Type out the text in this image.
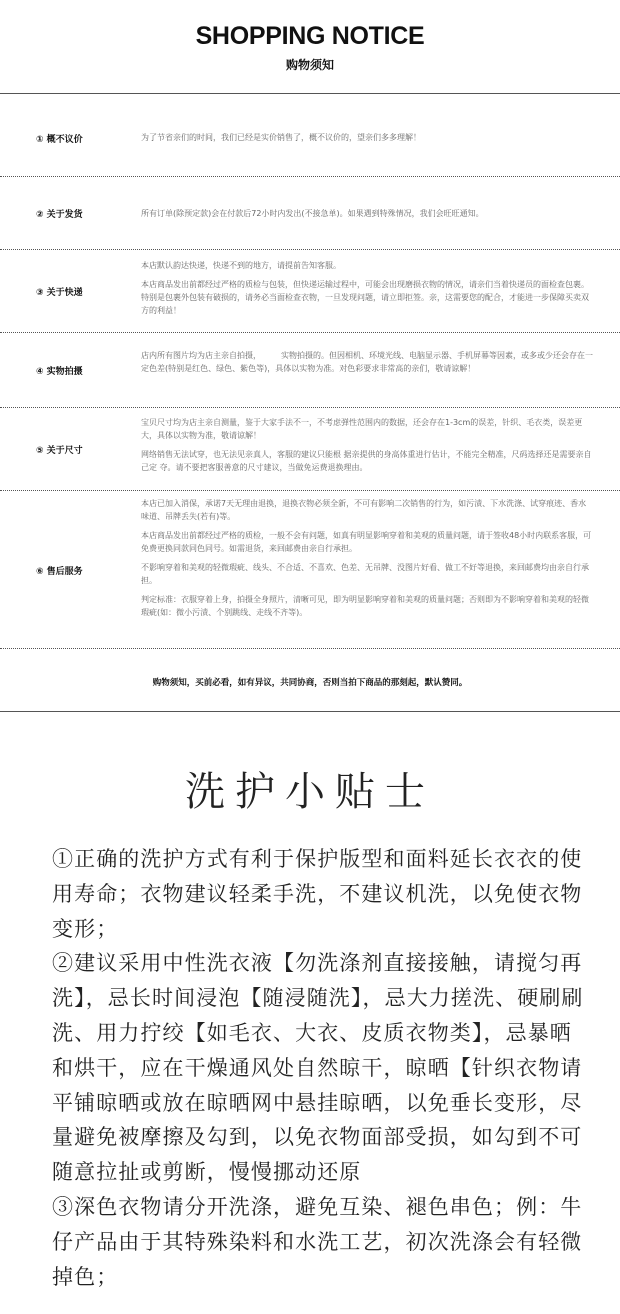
SHOPPING NOTICE
购物须知
① 概不议价	为了节省亲们的时间，我们已经是实价销售了，概不议价的，望亲们多多理解！

② 关于发货	所有订单(除预定款)会在付款后72小时内发出(不接急单)。如果遇到特殊情况，我们会旺旺通知。

③ 关于快递

本店默认韵达快递，快递不到的地方，请提前告知客服。

本店商品发出前都经过严格的质检与包装，但快递运输过程中，可能会出现磨损衣物的情况，请亲们当着快递员的面检查包裹。特别是包裹外包装有破损的，请务必当面检查衣物，一旦发现问题，请立即拒签。亲，这需要您的配合，才能进一步保障买卖双方的利益！

④ 实物拍摄

店内所有图片均为店主亲自拍摄，　　　实物拍摄的。但因相机、环境光线、电脑显示器、手机屏幕等因素，或多或少还会存在一定色差(特别是红色、绿色、紫色等)，具体以实物为准。对色彩要求非常高的亲们，敬请谅解！

⑤ 关于尺寸

宝贝尺寸均为店主亲自测量，鉴于大家手法不一，不考虑弹性范围内的数据，还会存在1-3cm的误差，针织、毛衣类，误差更大，具体以实物为准，敬请谅解！

网络销售无法试穿，也无法见亲真人，客服的建议只能根 据亲提供的身高体重进行估计，不能完全精准，尺码选择还是需要亲自己定 夺。请不要把客服善意的尺寸建议，当做免运费退换理由。

⑥ 售后服务

本店已加入消保，承诺7天无理由退换，退换衣物必须全新，不可有影响二次销售的行为，如污渍、下水洗涤、试穿痕迹、香水味道、吊牌丢失(若有)等。

本店商品发出前都经过严格的质检，一般不会有问题，如真有明显影响穿着和美观的质量问题，请于签收48小时内联系客服，可免费更换同款同色同号。如需退货，来回邮费由亲自行承担。

不影响穿着和美观的轻微瑕疵、线头、不合适、不喜欢、色差、无吊牌、没图片好看、做工不好等退换，来回邮费均由亲自行承担。

判定标准：衣服穿着上身，拍摄全身照片，清晰可见，即为明显影响穿着和美观的质量问题；否则即为不影响穿着和美观的轻微瑕疵(如：微小污渍、个别跳线、走线不齐等)。

购物须知，买前必看，如有异议，共同协商，否则当拍下商品的那刻起，默认赞同。
洗护小贴士

①正确的洗护方式有利于保护版型和面料延长衣衣的使用寿命；衣物建议轻柔手洗，不建议机洗，以免使衣物变形；

②建议采用中性洗衣液【勿洗涤剂直接接触，请搅匀再洗】，忌长时间浸泡【随浸随洗】，忌大力搓洗、硬刷刷洗、用力拧绞【如毛衣、大衣、皮质衣物类】，忌暴晒和烘干，应在干燥通风处自然晾干，晾晒【针织衣物请平铺晾晒或放在晾晒网中悬挂晾晒，以免垂长变形，尽量避免被摩擦及勾到，以免衣物面部受损，如勾到不可随意拉扯或剪断，慢慢挪动还原

③深色衣物请分开洗涤，避免互染、褪色串色；例：牛仔产品由于其特殊染料和水洗工艺，初次洗涤会有轻微掉色；
